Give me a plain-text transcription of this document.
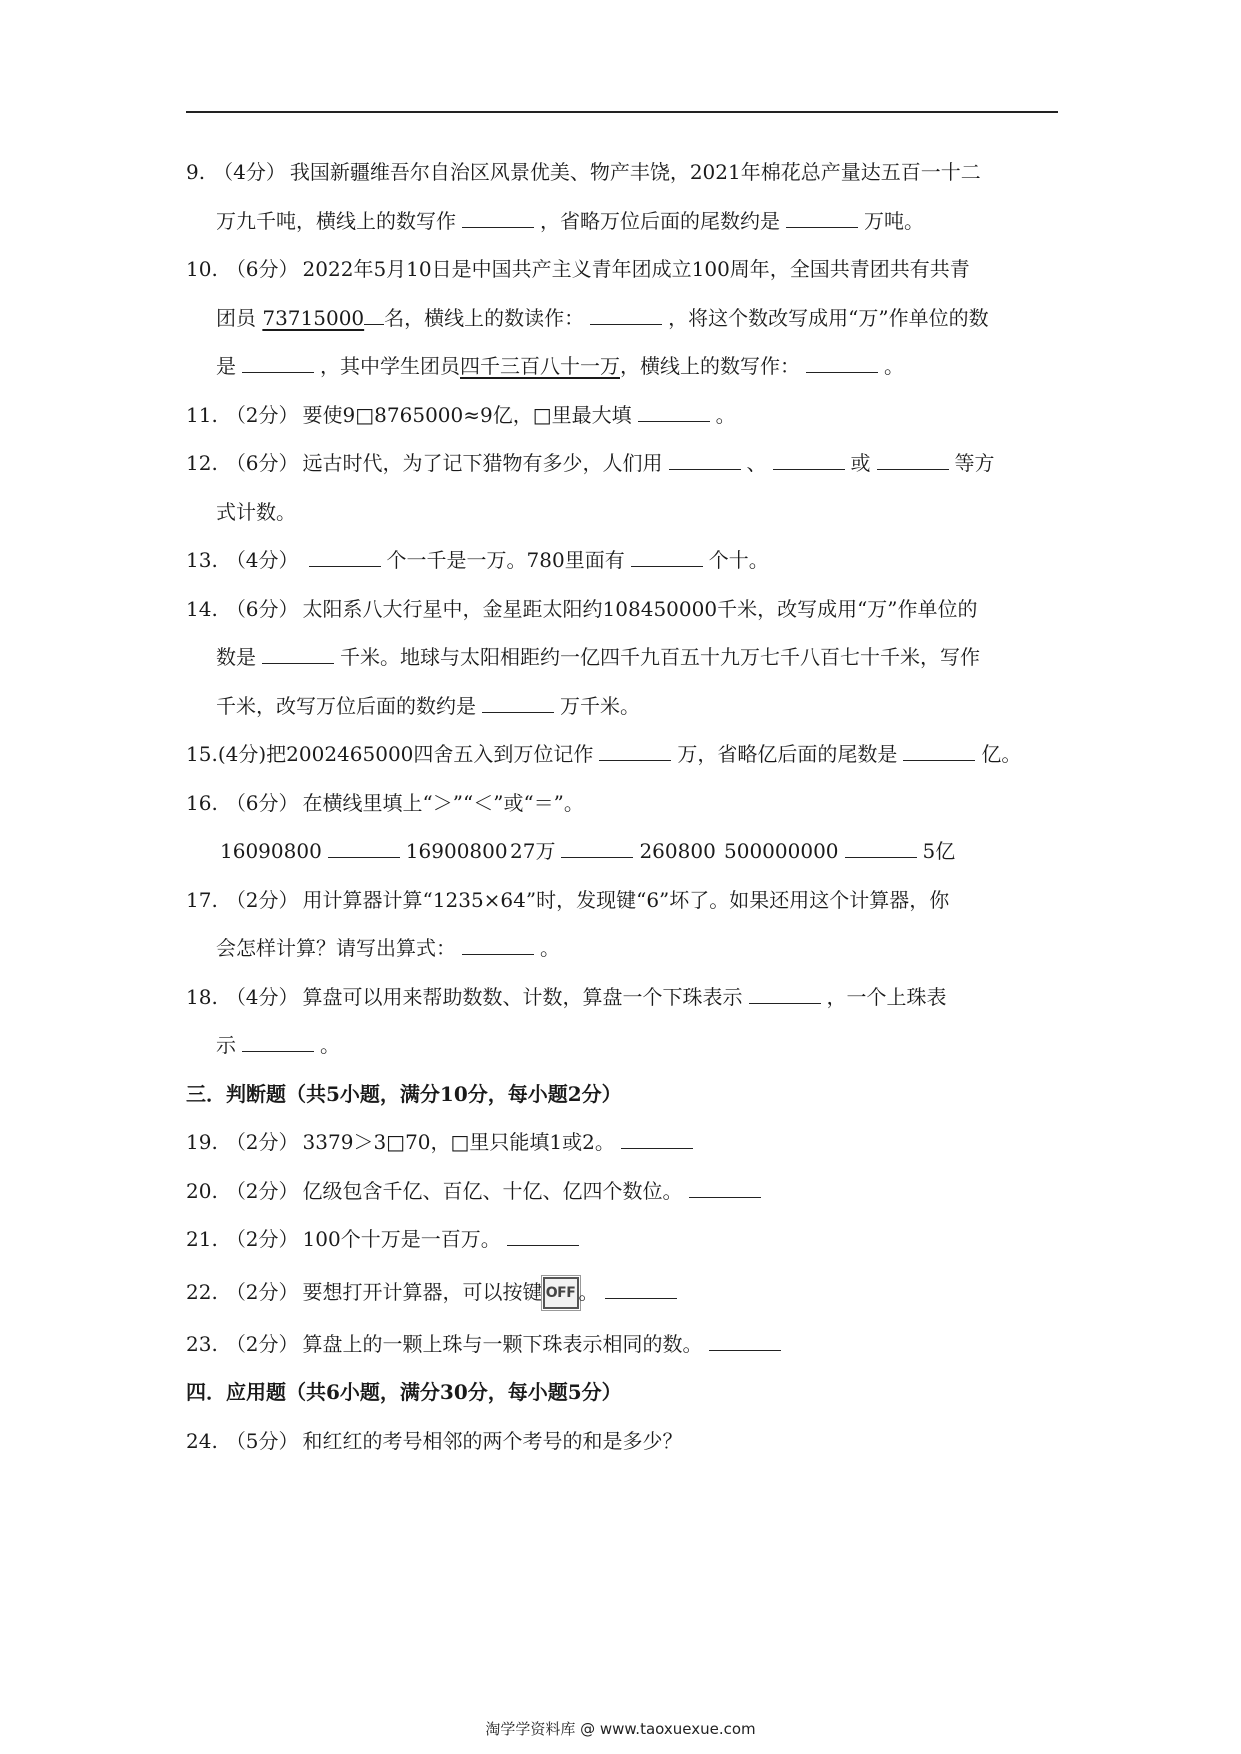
9. （4分） 我国新疆维吾尔自治区风景优美、物产丰饶，2021年棉花总产量达五百一十二
万九千吨，横线上的数写作	，省略万位后面的尾数约是	万吨。
10. （6分） 2022年5月10日是中国共产主义青年团成立100周年，全国共青团共有共青
团员 73715000 名，横线上的数读作：	，将这个数改写成用“万”作单位的数
是	，其中学生团员四千三百八十一万，横线上的数写作：	。
11. （2分） 要使9□8765000≈9亿，□里最大填	。
12. （6分） 远古时代，为了记下猎物有多少，人们用	、	或	等方
式计数。
13. （4分）	个一千是一万。780里面有	个十。
14. （6分） 太阳系八大行星中，金星距太阳约108450000千米，改写成用“万”作单位的
数是	千米。地球与太阳相距约一亿四千九百五十九万七千八百七十千米，写作
千米，改写万位后面的数约是	万千米。
15.(4分)把2002465000四舍五入到万位记作	万，省略亿后面的尾数是	亿。
16. （6分） 在横线里填上“＞”“＜”或“＝”。
16090800	16900800 27万	260800 500000000	5亿
17. （2分） 用计算器计算“1235×64”时，发现键“6”坏了。如果还用这个计算器，你
会怎样计算？请写出算式：	。
18. （4分） 算盘可以用来帮助数数、计数，算盘一个下珠表示	，一个上珠表
示	。
三．判断题（共5小题，满分10分，每小题2分）
19. （2分） 3379＞3□70，□里只能填1或2。
20. （2分） 亿级包含千亿、百亿、十亿、亿四个数位。
21. （2分） 100个十万是一百万。
22. （2分） 要想打开计算器，可以按键 OFF 。
23. （2分） 算盘上的一颗上珠与一颗下珠表示相同的数。
四．应用题（共6小题，满分30分，每小题5分）
24. （5分） 和红红的考号相邻的两个考号的和是多少？
淘学学资料库 @ www.taoxuexue.com
